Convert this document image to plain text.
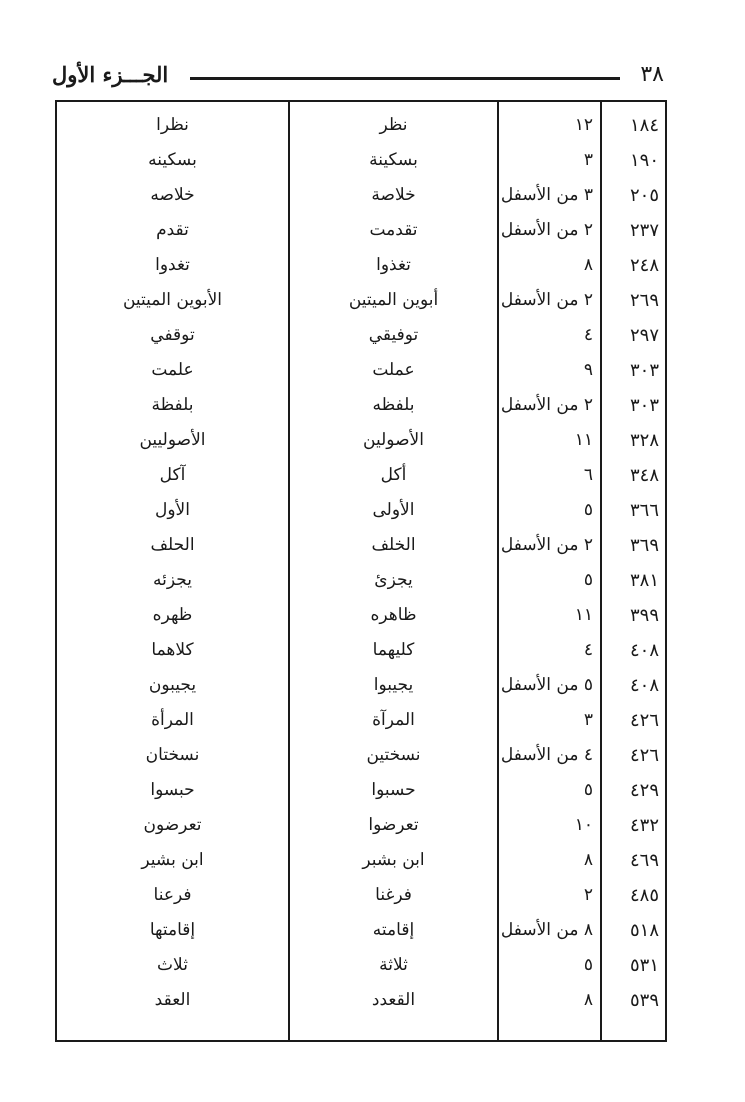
٣٨
الجـــزء الأول
١٨٤
١٢
نظر
نظرا
١٩٠
٣
بسكينة
بسكينه
٢٠٥
٣ من الأسفل
خلاصة
خلاصه
٢٣٧
٢ من الأسفل
تقدمت
تقدم
٢٤٨
٨
تغذوا
تغدوا
٢٦٩
٢ من الأسفل
أبوين الميتين
الأبوين الميتين
٢٩٧
٤
توفيقي
توقفي
٣٠٣
٩
عملت
علمت
٣٠٣
٢ من الأسفل
بلفظه
بلفظة
٣٢٨
١١
الأصولين
الأصوليين
٣٤٨
٦
أكل
آكل
٣٦٦
٥
الأولى
الأول
٣٦٩
٢ من الأسفل
الخلف
الحلف
٣٨١
٥
يجزئ
يجزئه
٣٩٩
١١
ظاهره
ظهره
٤٠٨
٤
كليهما
كلاهما
٤٠٨
٥ من الأسفل
يجيبوا
يجيبون
٤٢٦
٣
المرآة
المرأة
٤٢٦
٤ من الأسفل
نسختين
نسختان
٤٢٩
٥
حسبوا
حبسوا
٤٣٢
١٠
تعرضوا
تعرضون
٤٦٩
٨
ابن بشبر
ابن بشير
٤٨٥
٢
فرغنا
فرعنا
٥١٨
٨ من الأسفل
إقامته
إقامتها
٥٣١
٥
ثلاثة
ثلاث
٥٣٩
٨
القعدد
العقد
